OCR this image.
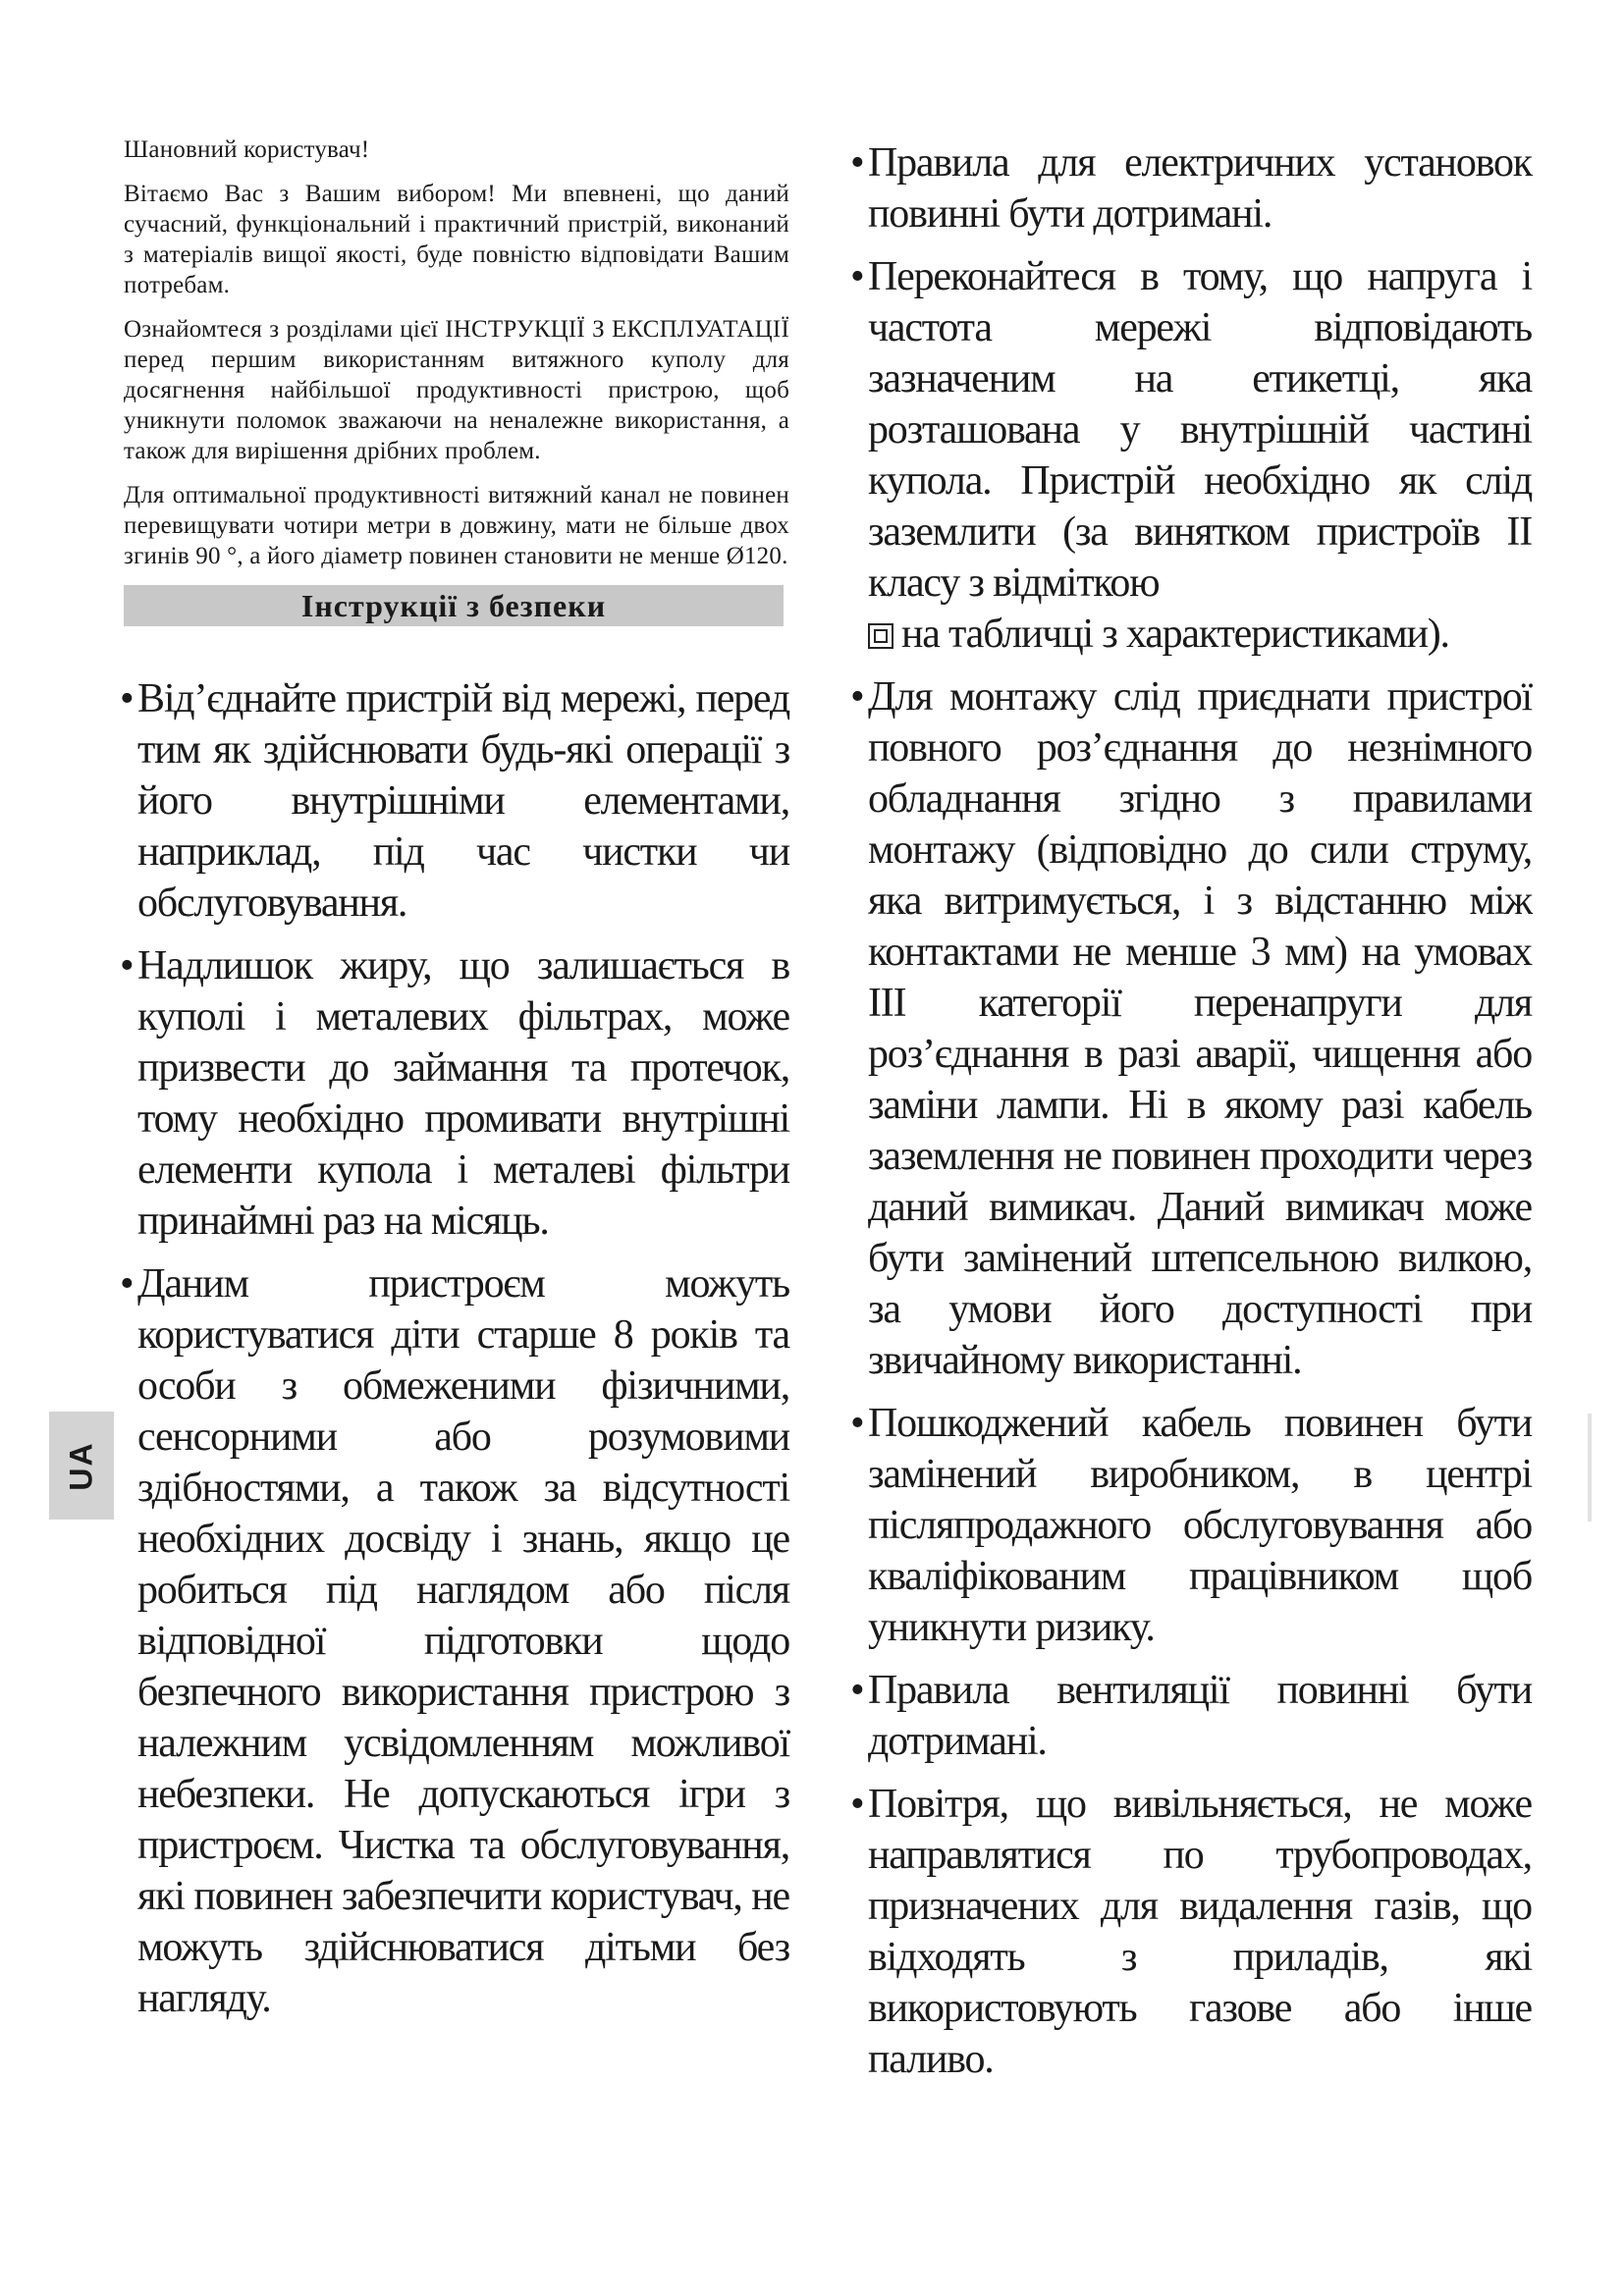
Шановний користувач!

Вітаємо Вас з Вашим вибором! Ми впевнені, що даний сучасний, функціональний і практичний пристрій, виконаний з матеріалів вищої якості, буде повністю відповідати Вашим потребам.

Ознайомтеся з розділами цієї ІНСТРУКЦІЇ З ЕКСПЛУАТАЦІЇ перед першим використанням витяжного куполу для досягнення найбільшої продуктивності пристрою, щоб уникнути поломок зважаючи на неналежне використання, а також для вирішення дрібних проблем.

Для оптимальної продуктивності витяжний канал не повинен перевищувати чотири метри в довжину, мати не більше двох згинів 90 °, а його діаметр повинен становити не менше Ø120.

Інструкції з безпеки
• Від’єднайте пристрій від мережі, перед тим як здійснювати будь-які операції з його внутрішніми елементами, наприклад, під час чистки чи обслуговування.
• Надлишок жиру, що залишається в куполі і металевих фільтрах, може призвести до займання та протечок, тому необхідно промивати внутрішні елементи купола і металеві фільтри принаймні раз на місяць.
• Даним пристроєм можуть користуватися діти старше 8 років та особи з обмеженими фізичними, сенсорними або розумовими здібностями, а також за відсутності необхідних досвіду і знань, якщо це робиться під наглядом або після відповідної підготовки щодо безпечного використання пристрою з належним усвідомленням можливої небезпеки. Не допускаються ігри з пристроєм. Чистка та обслуговування, які повинен забезпечити користувач, не можуть здійснюватися дітьми без нагляду.
• Правила для електричних установок повинні бути дотримані.
• Переконайтеся в тому, що напруга і частота мережі відповідають зазначеним на етикетці, яка розташована у внутрішній частині купола. Пристрій необхідно як слід заземлити (за винятком пристроїв ІІ класу з відміткою
на табличці з характеристиками).
• Для монтажу слід приєднати пристрої повного роз’єднання до незнімного обладнання згідно з правилами монтажу (відповідно до сили струму, яка витримується, і з відстанню між контактами не менше 3 мм) на умовах ІІІ категорії перенапруги для роз’єднання в разі аварії, чищення або заміни лампи. Ні в якому разі кабель заземлення не повинен проходити через даний вимикач. Даний вимикач може бути замінений штепсельною вилкою, за умови його доступності при звичайному використанні.
• Пошкоджений кабель повинен бути замінений виробником, в центрі післяпродажного обслуговування або кваліфікованим працівником щоб уникнути ризику.
• Правила вентиляції повинні бути дотримані.
• Повітря, що вивільняється, не може направлятися по трубопроводах, призначених для видалення газів, що відходять з приладів, які використовують газове або інше паливо.
UA
